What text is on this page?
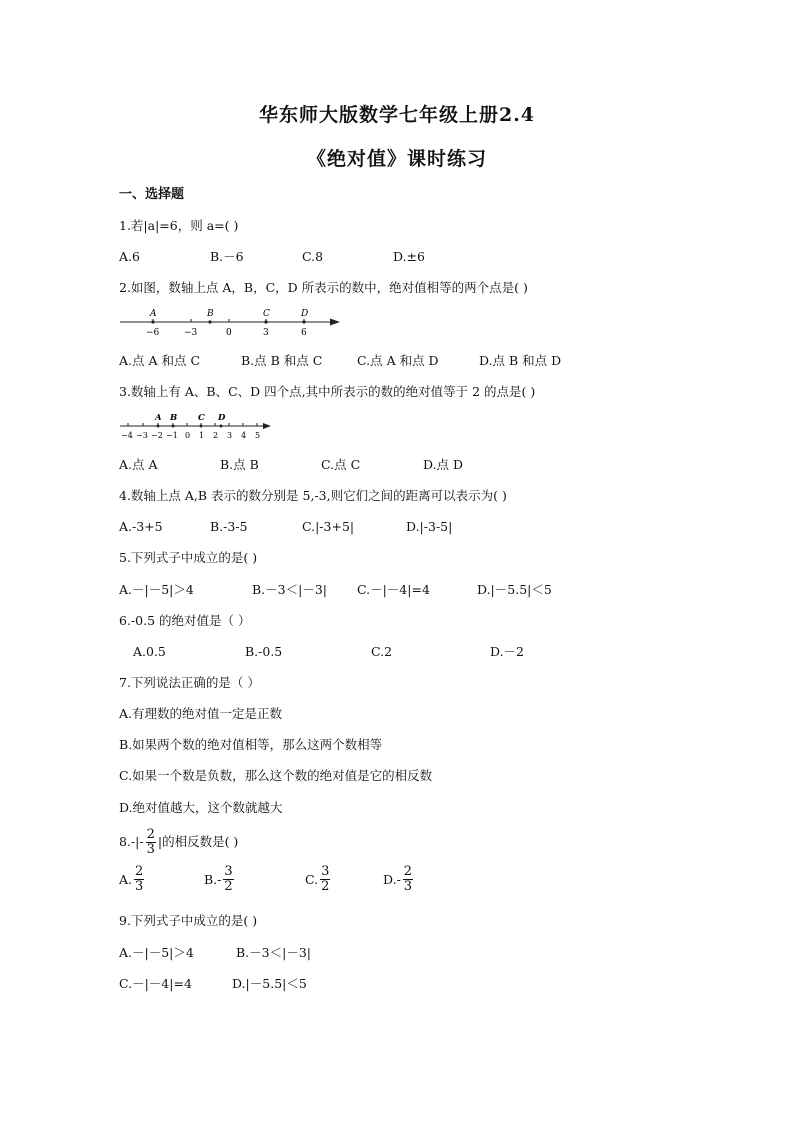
华东师大版数学七年级上册2.4
《绝对值》课时练习
一、选择题
1.若|a|=6，则 a=( )
A.6	B.－6	C.8	D.±6
2.如图，数轴上点 A，B，C，D 所表示的数中，绝对值相等的两个点是( )
A	B	C	D
−6	−3	0	3	6
A.点 A 和点 C	B.点 B 和点 C	C.点 A 和点 D	D.点 B 和点 D
3.数轴上有 A、B、C、D 四个点,其中所表示的数的绝对值等于 2 的点是( )
A B C D
−4 −3 −2 −1 0 1 2 3 4 5
A.点 A	B.点 B	C.点 C	D.点 D
4.数轴上点 A,B 表示的数分别是 5,-3,则它们之间的距离可以表示为( )
A.-3+5	B.-3-5	C.|-3+5|	D.|-3-5|
5.下列式子中成立的是( )
A.－|－5|＞4	B.－3＜|－3| C.－|－4|=4	D.|－5.5|＜5
6.-0.5 的绝对值是（ ）
A.0.5	B.-0.5	C.2	D.－2
7.下列说法正确的是（ ）
A.有理数的绝对值一定是正数
B.如果两个数的绝对值相等，那么这两个数相等
C.如果一个数是负数，那么这个数的绝对值是它的相反数
D.绝对值越大，这个数就越大
$8.-|- \frac{2}{3}$ |的相反数是( )
A. $\frac{2}{3}$	$B.- \frac{3}{2}$	C. $\frac{3}{2}$	$D.- \frac{2}{3}$
9.下列式子中成立的是( )
A.－|－5|＞4	B.－3＜|－3|
C.－|－4|=4	D.|－5.5|＜5
